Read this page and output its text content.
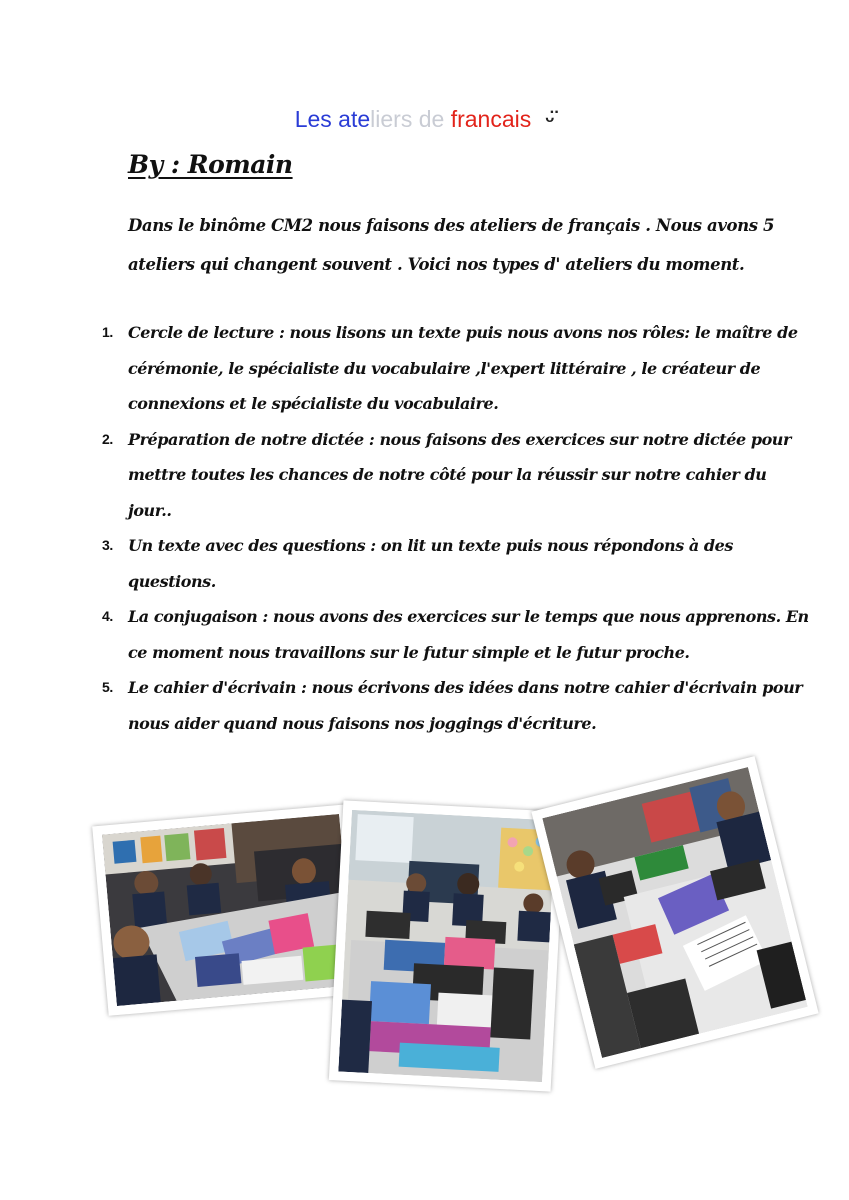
Les ateliers de francais ᵕ̈
By : Romain
Dans le binôme CM2 nous faisons des ateliers de français . Nous avons 5
ateliers qui changent souvent . Voici nos types d' ateliers du moment.
1. Cercle de lecture : nous lisons un texte puis nous avons nos rôles: le maître de
cérémonie, le spécialiste du vocabulaire ,l'expert littéraire , le créateur de
connexions et le spécialiste du vocabulaire.
2. Préparation de notre dictée : nous faisons des exercices sur notre dictée pour
mettre toutes les chances de notre côté pour la réussir sur notre cahier du
jour..
3. Un texte avec des questions : on lit un texte puis nous répondons à des
questions.
4. La conjugaison : nous avons des exercices sur le temps que nous apprenons. En
ce moment nous travaillons sur le futur simple et le futur proche.
5. Le cahier d'écrivain : nous écrivons des idées dans notre cahier d'écrivain pour
nous aider quand nous faisons nos joggings d'écriture.
